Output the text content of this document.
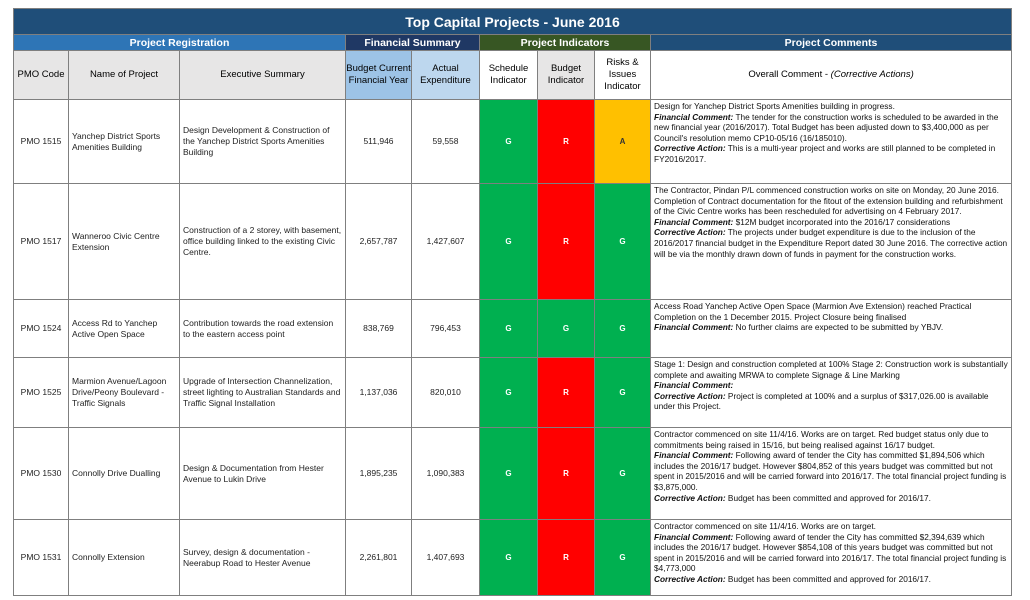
Top Capital Projects - June 2016								
Project Registration			Financial Summary		Project Indicators			Project Comments
PMO Code	Name of Project	Executive Summary	Budget Current Financial Year	Actual Expenditure	Schedule Indicator	Budget Indicator	Risks & Issues Indicator	Overall Comment - (Corrective Actions)
PMO 1515	Yanchep District Sports Amenities Building	Design Development & Construction of the Yanchep District Sports Amenities Building	511,946	59,558	G	R	A	Design for Yanchep District Sports Amenities building in progress.

Financial Comment: The tender for the construction works is scheduled to be awarded in the new financial year (2016/2017). Total Budget has been adjusted down to $3,400,000 as per Council's resolution memo CP10-05/16 (16/185010).

Corrective Action: This is a multi-year project and works are still planned to be completed in FY2016/2017.

PMO 1517	Wanneroo Civic Centre Extension	Construction of a 2 storey, with basement, office building linked to the existing Civic Centre.	2,657,787	1,427,607	G	R	G	The Contractor, Pindan P/L commenced construction works on site on Monday, 20 June 2016. Completion of Contract documentation for the fitout of the extension building and refurbishment of the Civic Centre works has been rescheduled for advertising on 4 February 2017.

Financial Comment: $12M budget incorporated into the 2016/17 considerations

Corrective Action: The projects under budget expenditure is due to the inclusion of the 2016/2017 financial budget in the Expenditure Report dated 30 June 2016. The corrective action will be via the monthly drawn down of funds in payment for the construction works.

PMO 1524	Access Rd to Yanchep Active Open Space	Contribution towards the road extension to the eastern access point	838,769	796,453	G	G	G	Access Road Yanchep Active Open Space (Marmion Ave Extension) reached Practical Completion on the 1 December 2015. Project Closure being finalised

Financial Comment: No further claims are expected to be submitted by YBJV.

PMO 1525	Marmion Avenue/Lagoon Drive/Peony Boulevard - Traffic Signals	Upgrade of Intersection Channelization, street lighting to Australian Standards and Traffic Signal Installation	1,137,036	820,010	G	R	G	Stage 1: Design and construction completed at 100% Stage 2: Construction work is substantially complete and awaiting MRWA to complete Signage & Line Marking

Financial Comment:

Corrective Action: Project is completed at 100% and a surplus of $317,026.00 is available under this Project.

PMO 1530	Connolly Drive Dualling	Design & Documentation from Hester Avenue to Lukin Drive	1,895,235	1,090,383	G	R	G	Contractor commenced on site 11/4/16. Works are on target. Red budget status only due to commitments being raised in 15/16, but being realised against 16/17 budget.

Financial Comment: Following award of tender the City has committed $1,894,506 which includes the 2016/17 budget. However $804,852 of this years budget was committed but not spent in 2015/2016 and will be carried forward into 2016/17. The total financial project funding is $3,875,000.

Corrective Action: Budget has been committed and approved for 2016/17.

PMO 1531	Connolly Extension	Survey, design & documentation - Neerabup Road to Hester Avenue	2,261,801	1,407,693	G	R	G	Contractor commenced on site 11/4/16. Works are on target.

Financial Comment: Following award of tender the City has committed $2,394,639 which includes the 2016/17 budget. However $854,108 of this years budget was committed but not spent in 2015/2016 and will be carried forward into 2016/17. The total financial project funding is $4,773,000

Corrective Action: Budget has been committed and approved for 2016/17.
